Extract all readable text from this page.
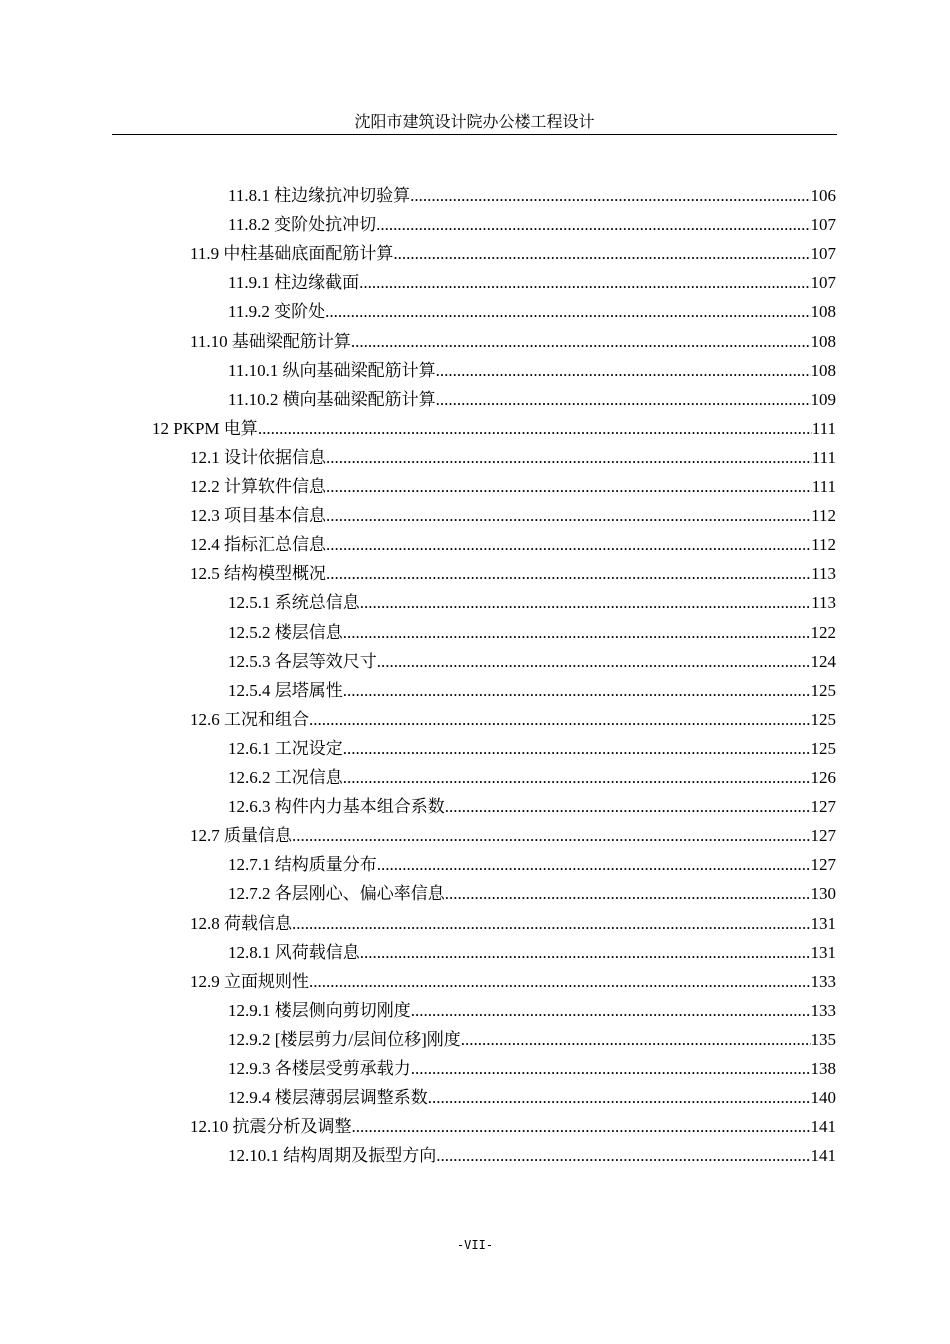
沈阳市建筑设计院办公楼工程设计
11.8.1 柱边缘抗冲切验算 .....	106
11.8.2 变阶处抗冲切 .....	107
11.9 中柱基础底面配筋计算 .....	107
11.9.1 柱边缘截面 .....	107
11.9.2 变阶处 .....	108
11.10 基础梁配筋计算 .....	108
11.10.1 纵向基础梁配筋计算 .....	108
11.10.2 横向基础梁配筋计算 .....	109
12 PKPM 电算 .....	111
12.1 设计依据信息 .....	111
12.2 计算软件信息 .....	111
12.3 项目基本信息 .....	112
12.4 指标汇总信息 .....	112
12.5 结构模型概况 .....	113
12.5.1 系统总信息 .....	113
12.5.2 楼层信息 .....	122
12.5.3 各层等效尺寸 .....	124
12.5.4 层塔属性 .....	125
12.6 工况和组合 .....	125
12.6.1 工况设定 .....	125
12.6.2 工况信息 .....	126
12.6.3 构件内力基本组合系数 .....	127
12.7 质量信息 .....	127
12.7.1 结构质量分布 .....	127
12.7.2 各层刚心、偏心率信息 .....	130
12.8 荷载信息 .....	131
12.8.1 风荷载信息 .....	131
12.9 立面规则性 .....	133
12.9.1 楼层侧向剪切刚度 .....	133
12.9.2 [楼层剪力/层间位移]刚度 .....	135
12.9.3 各楼层受剪承载力 .....	138
12.9.4 楼层薄弱层调整系数 .....	140
12.10 抗震分析及调整 .....	141
12.10.1 结构周期及振型方向 .....	141
-VII-
